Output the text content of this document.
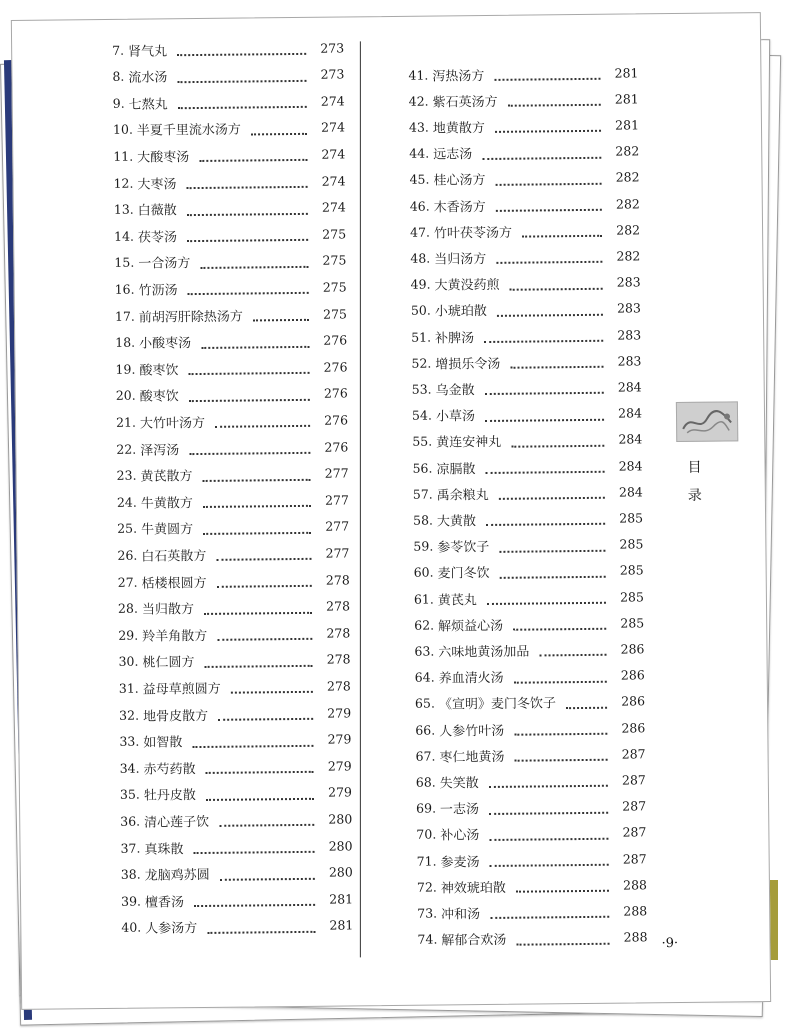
7. 肾气丸	273
8. 流水汤	273
9. 七熬丸	274
10. 半夏千里流水汤方	274
11. 大酸枣汤	274
12. 大枣汤	274
13. 白薇散	274
14. 茯苓汤	275
15. 一合汤方	275
16. 竹沥汤	275
17. 前胡泻肝除热汤方	275
18. 小酸枣汤	276
19. 酸枣饮	276
20. 酸枣饮	276
21. 大竹叶汤方	276
22. 泽泻汤	276
23. 黄芪散方	277
24. 牛黄散方	277
25. 牛黄圆方	277
26. 白石英散方	277
27. 栝楼根圆方	278
28. 当归散方	278
29. 羚羊角散方	278
30. 桃仁圆方	278
31. 益母草煎圆方	278
32. 地骨皮散方	279
33. 如智散	279
34. 赤芍药散	279
35. 牡丹皮散	279
36. 清心莲子饮	280
37. 真珠散	280
38. 龙脑鸡苏圆	280
39. 檀香汤	281
40. 人参汤方	281
41. 泻热汤方	281
42. 紫石英汤方	281
43. 地黄散方	281
44. 远志汤	282
45. 桂心汤方	282
46. 木香汤方	282
47. 竹叶茯苓汤方	282
48. 当归汤方	282
49. 大黄没药煎	283
50. 小琥珀散	283
51. 补脾汤	283
52. 增损乐令汤	283
53. 乌金散	284
54. 小草汤	284
55. 黄连安神丸	284
56. 凉膈散	284
57. 禹余粮丸	284
58. 大黄散	285
59. 参苓饮子	285
60. 麦门冬饮	285
61. 黄芪丸	285
62. 解烦益心汤	285
63. 六味地黄汤加品	286
64. 养血清火汤	286
65. 《宣明》麦门冬饮子	286
66. 人参竹叶汤	286
67. 枣仁地黄汤	287
68. 失笑散	287
69. 一志汤	287
70. 补心汤	287
71. 参麦汤	287
72. 神效琥珀散	288
73. 冲和汤	288
74. 解郁合欢汤	288
目
录
·9·
